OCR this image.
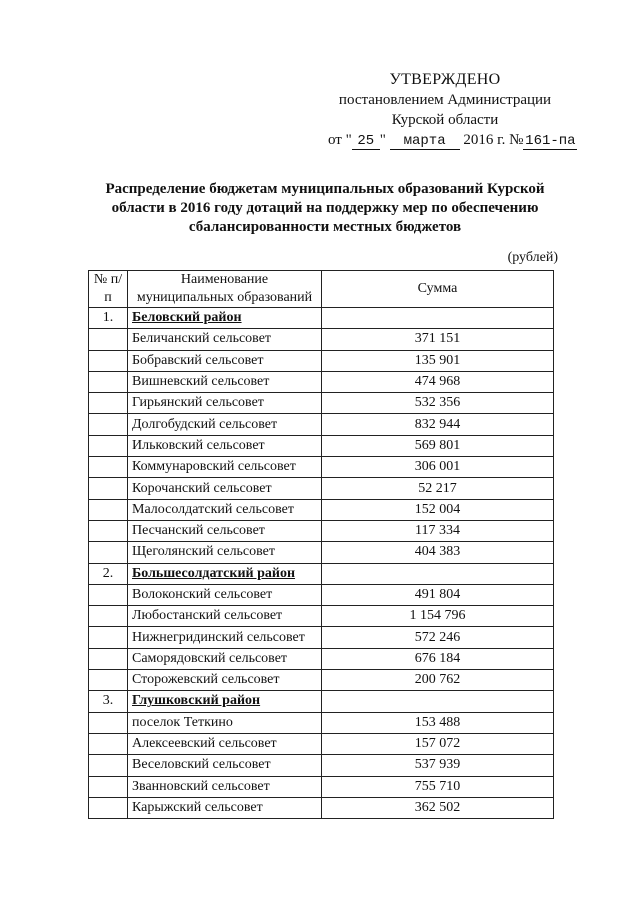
УТВЕРЖДЕНО
постановлением Администрации
Курской области
от " 25 " марта 2016 г. № 161-па
Распределение бюджетам муниципальных образований Курской области в 2016 году дотаций на поддержку мер по обеспечению сбалансированности местных бюджетов
(рублей)
№ п/п	Наименование муниципальных образований	Сумма
1.	Беловский район	
	Беличанский сельсовет	371 151
	Бобравский сельсовет	135 901
	Вишневский сельсовет	474 968
	Гирьянский сельсовет	532 356
	Долгобудский сельсовет	832 944
	Ильковский сельсовет	569 801
	Коммунаровский сельсовет	306 001
	Корочанский сельсовет	52 217
	Малосолдатский сельсовет	152 004
	Песчанский сельсовет	117 334
	Щеголянский сельсовет	404 383
2.	Большесолдатский район	
	Волоконский сельсовет	491 804
	Любостанский сельсовет	1 154 796
	Нижнегридинский сельсовет	572 246
	Саморядовский сельсовет	676 184
	Сторожевский сельсовет	200 762
3.	Глушковский район	
	поселок Теткино	153 488
	Алексеевский сельсовет	157 072
	Веселовский сельсовет	537 939
	Званновский сельсовет	755 710
	Карыжский сельсовет	362 502
